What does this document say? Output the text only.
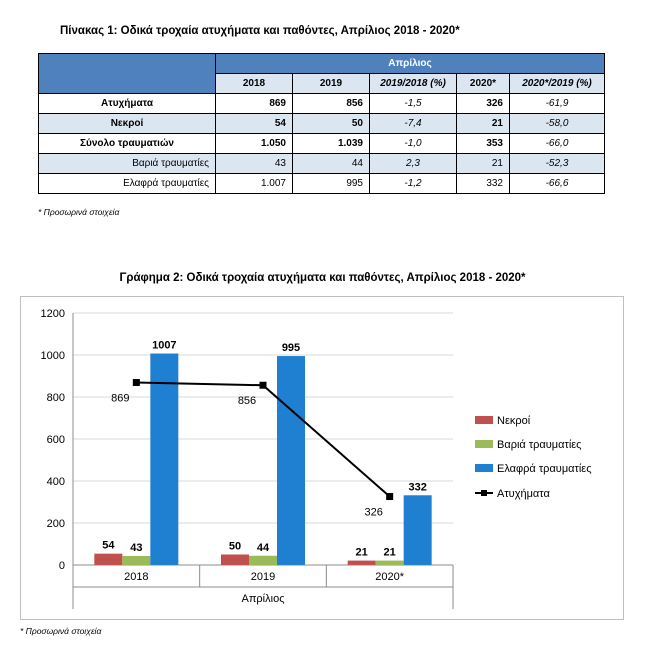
Πίνακας 1: Οδικά τροχαία ατυχήματα και παθόντες, Απρίλιος 2018 - 2020*
	Απρίλιος				
	2018	2019	2019/2018 (%)	2020*	2020*/2019 (%)
Ατυχήματα	869	856	-1,5	326	-61,9
Νεκροί	54	50	-7,4	21	-58,0
Σύνολο τραυματιών	1.050	1.039	-1,0	353	-66,0
Βαριά τραυματίες	43	44	2,3	21	-52,3
Ελαφρά τραυματίες	1.007	995	-1,2	332	-66,6
* Προσωρινά στοιχεία
Γράφημα 2: Οδικά τροχαία ατυχήματα και παθόντες, Απρίλιος 2018 - 2020*
0
200
400
600
800
1000
1200
2018	2019	2020*
Απρίλιος
54	50
21
43	44	21
1007	995
332
869	856
326
Νεκροί
Βαριά τραυματίες
Ελαφρά τραυματίες
Ατυχήματα
* Προσωρινά στοιχεία
